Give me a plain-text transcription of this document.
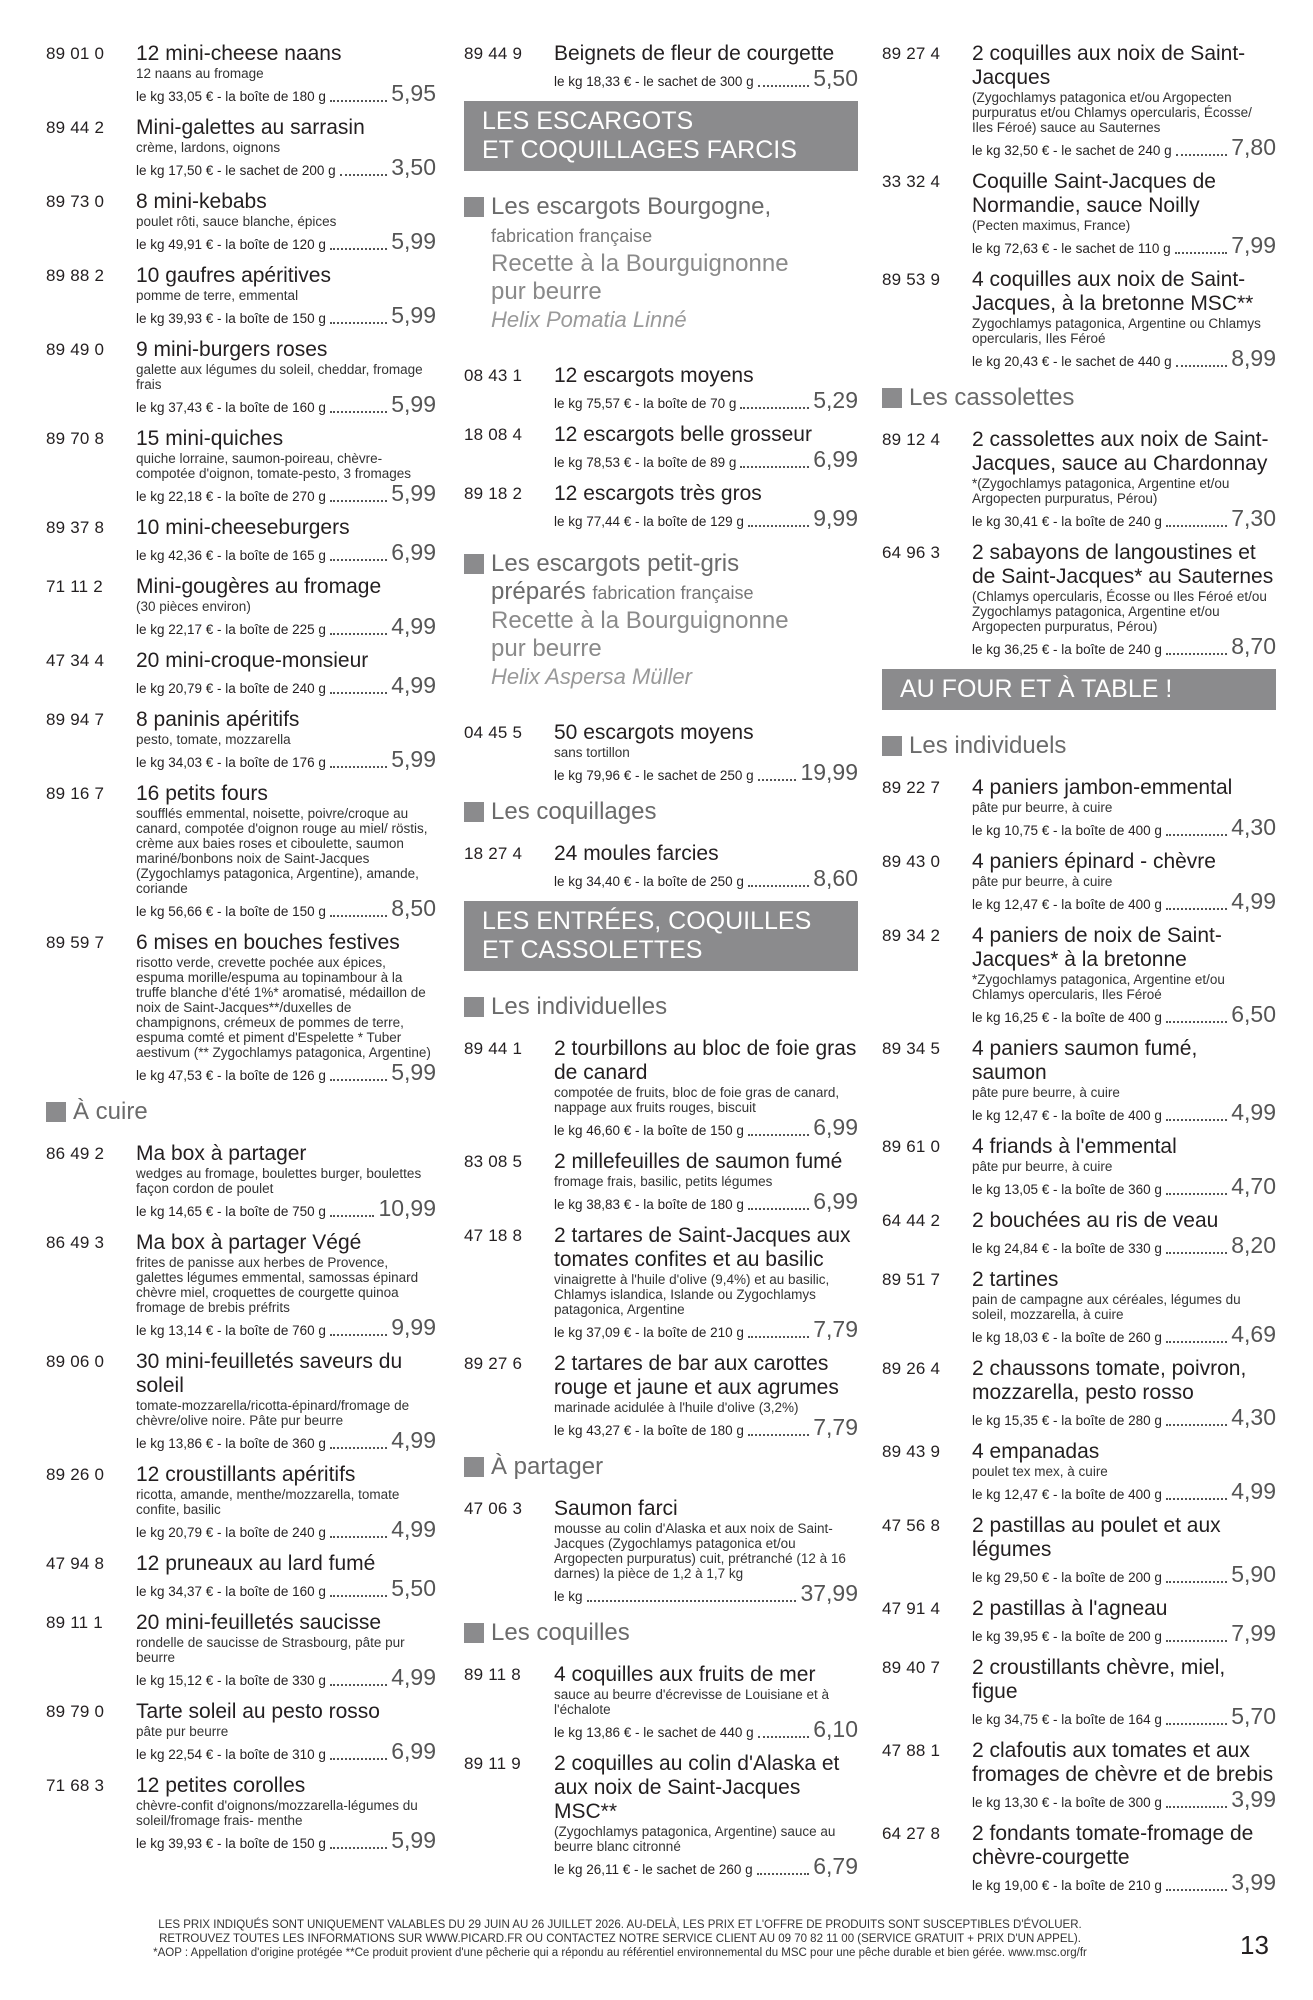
89 01 0	12 mini-cheese naans
12 naans au fromage
le kg 33,05 € - la boîte de 180 g	5,95
89 44 2	Mini-galettes au sarrasin
crème, lardons, oignons
le kg 17,50 € - le sachet de 200 g 3,50
89 73 0	8 mini-kebabs
poulet rôti, sauce blanche, épices
le kg 49,91 € - la boîte de 120 g	5,99
89 88 2	10 gaufres apéritives
pomme de terre, emmental
le kg 39,93 € - la boîte de 150 g	5,99
89 49 0	9 mini-burgers roses
galette aux légumes du soleil, cheddar, fromage frais
le kg 37,43 € - la boîte de 160 g	5,99
89 70 8	15 mini-quiches
quiche lorraine, saumon-poireau, chèvre-compotée d'oignon, tomate-pesto, 3 fromages
le kg 22,18 € - la boîte de 270 g	5,99
89 37 8	10 mini-cheeseburgers
le kg 42,36 € - la boîte de 165 g	6,99
71 11 2	Mini-gougères au fromage
(30 pièces environ)
le kg 22,17 € - la boîte de 225 g	4,99
47 34 4	20 mini-croque-monsieur
le kg 20,79 € - la boîte de 240 g	4,99
89 94 7	8 paninis apéritifs
pesto, tomate, mozzarella
le kg 34,03 € - la boîte de 176 g	5,99
89 16 7	16 petits fours
soufflés emmental, noisette, poivre/croque au canard, compotée d'oignon rouge au miel/ röstis, crème aux baies roses et ciboulette, saumon mariné/bonbons noix de Saint-Jacques (Zygochlamys patagonica, Argentine), amande, coriande
le kg 56,66 € - la boîte de 150 g	8,50
89 59 7	6 mises en bouches festives
risotto verde, crevette pochée aux épices, espuma morille/espuma au topinambour à la truffe blanche d'été 1%* aromatisé, médaillon de noix de Saint-Jacques**/duxelles de champignons, crémeux de pommes de terre, espuma comté et piment d'Espelette * Tuber aestivum (** Zygochlamys patagonica, Argentine)
le kg 47,53 € - la boîte de 126 g	5,99
À cuire
86 49 2	Ma box à partager
wedges au fromage, boulettes burger, boulettes façon cordon de poulet
le kg 14,65 € - la boîte de 750 g 10,99
86 49 3	Ma box à partager Végé
frites de panisse aux herbes de Provence, galettes légumes emmental, samossas épinard chèvre miel, croquettes de courgette quinoa fromage de brebis préfrits
le kg 13,14 € - la boîte de 760 g	9,99
89 06 0	30 mini-feuilletés saveurs du soleil
tomate-mozzarella/ricotta-épinard/fromage de chèvre/olive noire. Pâte pur beurre
le kg 13,86 € - la boîte de 360 g	4,99
89 26 0	12 croustillants apéritifs
ricotta, amande, menthe/mozzarella, tomate confite, basilic
le kg 20,79 € - la boîte de 240 g	4,99
47 94 8	12 pruneaux au lard fumé
le kg 34,37 € - la boîte de 160 g	5,50
89 11 1	20 mini-feuilletés saucisse
rondelle de saucisse de Strasbourg, pâte pur beurre
le kg 15,12 € - la boîte de 330 g	4,99
89 79 0	Tarte soleil au pesto rosso
pâte pur beurre
le kg 22,54 € - la boîte de 310 g	6,99
71 68 3	12 petites corolles
chèvre-confit d'oignons/mozzarella-légumes du soleil/fromage frais- menthe
le kg 39,93 € - la boîte de 150 g	5,99
89 44 9	Beignets de fleur de courgette
le kg 18,33 € - le sachet de 300 g	5,50
LES ESCARGOTS
ET COQUILLAGES FARCIS
Les escargots Bourgogne,
fabrication française
Recette à la Bourguignonne
pur beurre
Helix Pomatia Linné
08 43 1	12 escargots moyens
le kg 75,57 € - la boîte de 70 g	5,29
18 08 4	12 escargots belle grosseur
le kg 78,53 € - la boîte de 89 g	6,99
89 18 2	12 escargots très gros
le kg 77,44 € - la boîte de 129 g	9,99
Les escargots petit-gris
préparés fabrication française
Recette à la Bourguignonne
pur beurre
Helix Aspersa Müller
04 45 5	50 escargots moyens
sans tortillon
le kg 79,96 € - le sachet de 250 g 19,99
Les coquillages
18 27 4	24 moules farcies
le kg 34,40 € - la boîte de 250 g	8,60
LES ENTRÉES, COQUILLES
ET CASSOLETTES
Les individuelles
89 44 1	2 tourbillons au bloc de foie gras de canard
compotée de fruits, bloc de foie gras de canard, nappage aux fruits rouges, biscuit
le kg 46,60 € - la boîte de 150 g	6,99
83 08 5	2 millefeuilles de saumon fumé
fromage frais, basilic, petits légumes
le kg 38,83 € - la boîte de 180 g	6,99
47 18 8	2 tartares de Saint-Jacques aux tomates confites et au basilic
vinaigrette à l'huile d'olive (9,4%) et au basilic, Chlamys islandica, Islande ou Zygochlamys patagonica, Argentine
le kg 37,09 € - la boîte de 210 g	7,79
89 27 6	2 tartares de bar aux carottes rouge et jaune et aux agrumes
marinade acidulée à l'huile d'olive (3,2%)
le kg 43,27 € - la boîte de 180 g	7,79
À partager
47 06 3	Saumon farci
mousse au colin d'Alaska et aux noix de Saint-Jacques (Zygochlamys patagonica et/ou Argopecten purpuratus) cuit, prétranché (12 à 16 darnes) la pièce de 1,2 à 1,7 kg
le kg	37,99
Les coquilles
89 11 8	4 coquilles aux fruits de mer
sauce au beurre d'écrevisse de Louisiane et à l'échalote
le kg 13,86 € - le sachet de 440 g	6,10
89 11 9	2 coquilles au colin d'Alaska et aux noix de Saint-Jacques MSC**
(Zygochlamys patagonica, Argentine) sauce au beurre blanc citronné
le kg 26,11 € - le sachet de 260 g	6,79
89 27 4	2 coquilles aux noix de Saint-Jacques
(Zygochlamys patagonica et/ou Argopecten purpuratus et/ou Chlamys opercularis, Écosse/ Iles Féroé) sauce au Sauternes
le kg 32,50 € - le sachet de 240 g	7,80
33 32 4	Coquille Saint-Jacques de Normandie, sauce Noilly
(Pecten maximus, France)
le kg 72,63 € - le sachet de 110 g	7,99
89 53 9	4 coquilles aux noix de Saint-Jacques, à la bretonne MSC**
Zygochlamys patagonica, Argentine ou Chlamys opercularis, Iles Féroé
le kg 20,43 € - le sachet de 440 g	8,99
Les cassolettes
89 12 4	2 cassolettes aux noix de Saint-Jacques, sauce au Chardonnay
*(Zygochlamys patagonica, Argentine et/ou Argopecten purpuratus, Pérou)
le kg 30,41 € - la boîte de 240 g	7,30
64 96 3	2 sabayons de langoustines et de Saint-Jacques* au Sauternes
(Chlamys opercularis, Écosse ou Iles Féroé et/ou Zygochlamys patagonica, Argentine et/ou Argopecten purpuratus, Pérou)
le kg 36,25 € - la boîte de 240 g	8,70
AU FOUR ET À TABLE !
Les individuels
89 22 7	4 paniers jambon-emmental
pâte pur beurre, à cuire
le kg 10,75 € - la boîte de 400 g	4,30
89 43 0	4 paniers épinard - chèvre
pâte pur beurre, à cuire
le kg 12,47 € - la boîte de 400 g	4,99
89 34 2	4 paniers de noix de Saint-Jacques* à la bretonne
*Zygochlamys patagonica, Argentine et/ou Chlamys opercularis, Iles Féroé
le kg 16,25 € - la boîte de 400 g	6,50
89 34 5	4 paniers saumon fumé, saumon
pâte pure beurre, à cuire
le kg 12,47 € - la boîte de 400 g	4,99
89 61 0	4 friands à l'emmental
pâte pur beurre, à cuire
le kg 13,05 € - la boîte de 360 g	4,70
64 44 2	2 bouchées au ris de veau
le kg 24,84 € - la boîte de 330 g	8,20
89 51 7	2 tartines
pain de campagne aux céréales, légumes du soleil, mozzarella, à cuire
le kg 18,03 € - la boîte de 260 g	4,69
89 26 4	2 chaussons tomate, poivron, mozzarella, pesto rosso
le kg 15,35 € - la boîte de 280 g	4,30
89 43 9	4 empanadas
poulet tex mex, à cuire
le kg 12,47 € - la boîte de 400 g	4,99
47 56 8	2 pastillas au poulet et aux légumes
le kg 29,50 € - la boîte de 200 g	5,90
47 91 4	2 pastillas à l'agneau
le kg 39,95 € - la boîte de 200 g	7,99
89 40 7	2 croustillants chèvre, miel, figue
le kg 34,75 € - la boîte de 164 g	5,70
47 88 1	2 clafoutis aux tomates et aux fromages de chèvre et de brebis
le kg 13,30 € - la boîte de 300 g	3,99
64 27 8	2 fondants tomate-fromage de chèvre-courgette
le kg 19,00 € - la boîte de 210 g	3,99
LES PRIX INDIQUÉS SONT UNIQUEMENT VALABLES DU 29 JUIN AU 26 JUILLET 2026. AU-DELÀ, LES PRIX ET L'OFFRE DE PRODUITS SONT SUSCEPTIBLES D'ÉVOLUER.
RETROUVEZ TOUTES LES INFORMATIONS SUR WWW.PICARD.FR OU CONTACTEZ NOTRE SERVICE CLIENT AU 09 70 82 11 00 (SERVICE GRATUIT + PRIX D'UN APPEL).
*AOP : Appellation d'origine protégée **Ce produit provient d'une pêcherie qui a répondu au référentiel environnemental du MSC pour une pêche durable et bien gérée. www.msc.org/fr	13
